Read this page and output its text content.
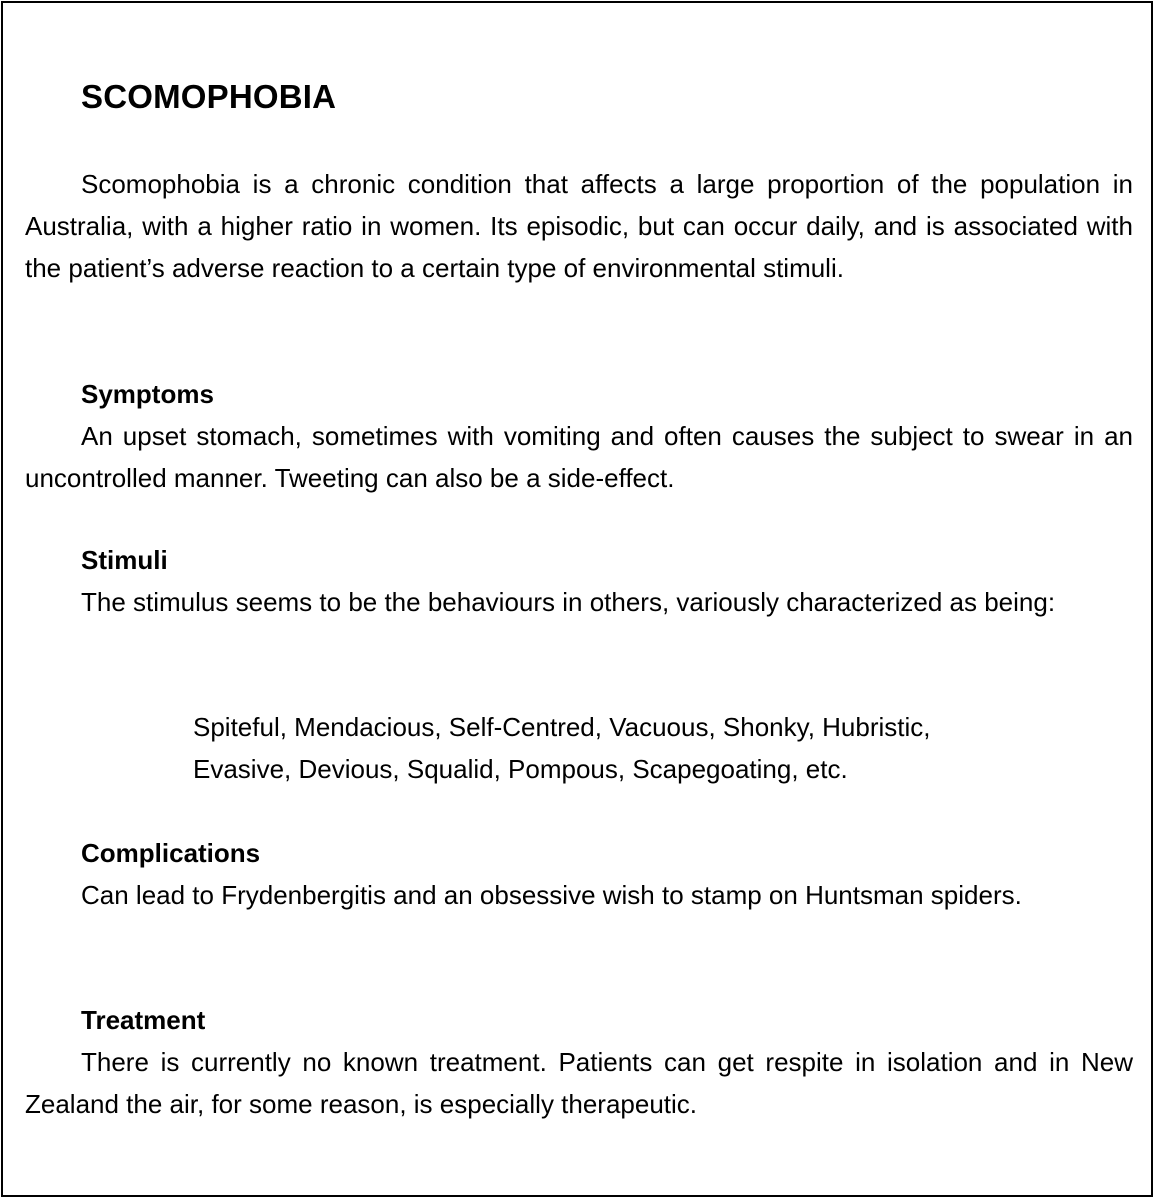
SCOMOPHOBIA

Scomophobia is a chronic condition that affects a large proportion of the population in Australia, with a higher ratio in women. Its episodic, but can occur daily, and is associated with the patient’s adverse reaction to a certain type of environmental stimuli.

Symptoms

An upset stomach, sometimes with vomiting and often causes the subject to swear in an uncontrolled manner. Tweeting can also be a side-effect.

Stimuli

The stimulus seems to be the behaviours in others, variously characterized as being:

Spiteful, Mendacious, Self-Centred, Vacuous, Shonky, Hubristic,
Evasive, Devious, Squalid, Pompous, Scapegoating, etc.
Complications

Can lead to Frydenbergitis and an obsessive wish to stamp on Huntsman spiders.

Treatment

There is currently no known treatment. Patients can get respite in isolation and in New Zealand the air, for some reason, is especially therapeutic.
